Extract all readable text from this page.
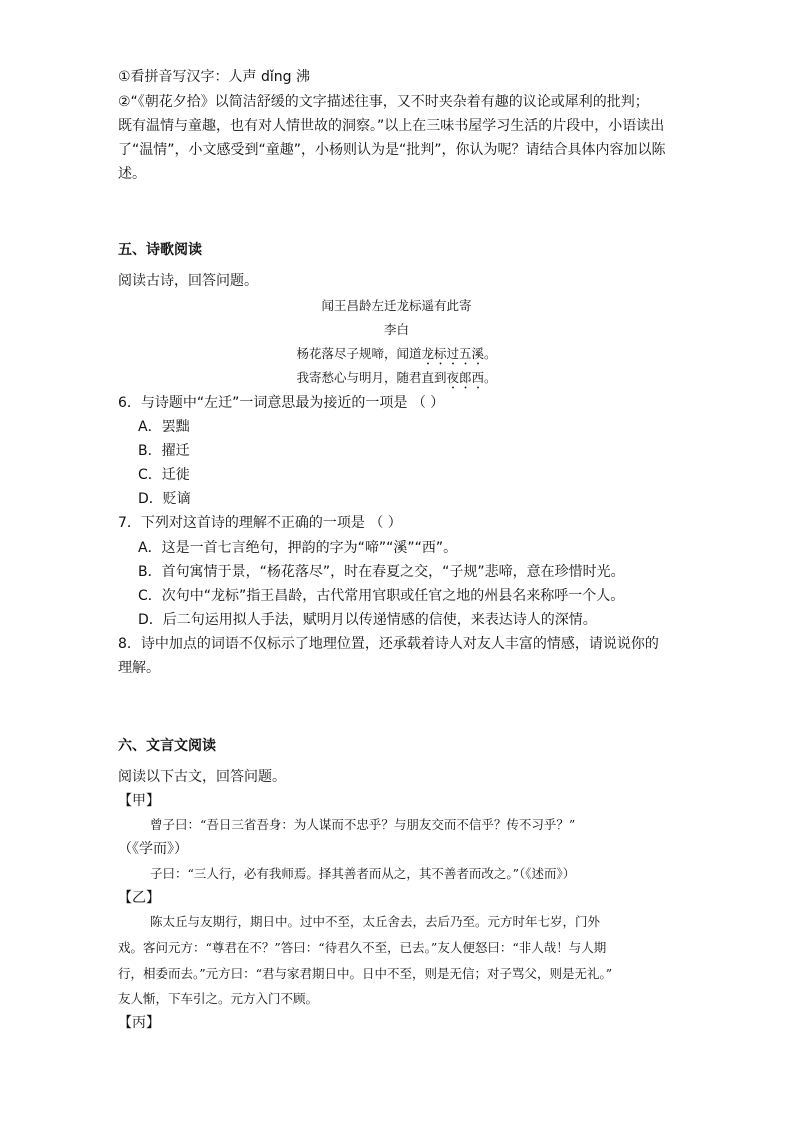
①看拼音写汉字：人声 dǐng 沸
②“《朝花夕拾》以简洁舒缓的文字描述往事，又不时夹杂着有趣的议论或犀利的批判；
既有温情与童趣，也有对人情世故的洞察。”以上在三味书屋学习生活的片段中，小语读出
了“温情”，小文感受到“童趣”，小杨则认为是“批判”，你认为呢？请结合具体内容加以陈
述。
五、诗歌阅读
阅读古诗，回答问题。
闻王昌龄左迁龙标遥有此寄
李白
杨花落尽子规啼，闻道龙标过五溪。
我寄愁心与明月，随君直到夜郎西。
6．与诗题中“左迁”一词意思最为接近的一项是 （ ）
A．罢黜
B．擢迁
C．迁徙
D．贬谪
7．下列对这首诗的理解不正确的一项是 （ ）
A．这是一首七言绝句，押韵的字为“啼”“溪”“西”。
B．首句寓情于景，“杨花落尽”，时在春夏之交，“子规”悲啼，意在珍惜时光。
C．次句中“龙标”指王昌龄，古代常用官职或任官之地的州县名来称呼一个人。
D．后二句运用拟人手法，赋明月以传递情感的信使，来表达诗人的深情。
8．诗中加点的词语不仅标示了地理位置，还承载着诗人对友人丰富的情感，请说说你的
理解。
六、文言文阅读
阅读以下古文，回答问题。
【甲】
曾子曰：“吾日三省吾身：为人谋而不忠乎？与朋友交而不信乎？传不习乎？”
（《学而》）
子曰：“三人行，必有我师焉。择其善者而从之，其不善者而改之。”（《述而》）
【乙】
陈太丘与友期行，期日中。过中不至，太丘舍去，去后乃至。元方时年七岁，门外
戏。客问元方：“尊君在不？”答曰：“待君久不至，已去。”友人便怒曰：“非人哉！与人期
行，相委而去。”元方曰：“君与家君期日中。日中不至，则是无信；对子骂父，则是无礼。”
友人惭，下车引之。元方入门不顾。
【丙】
